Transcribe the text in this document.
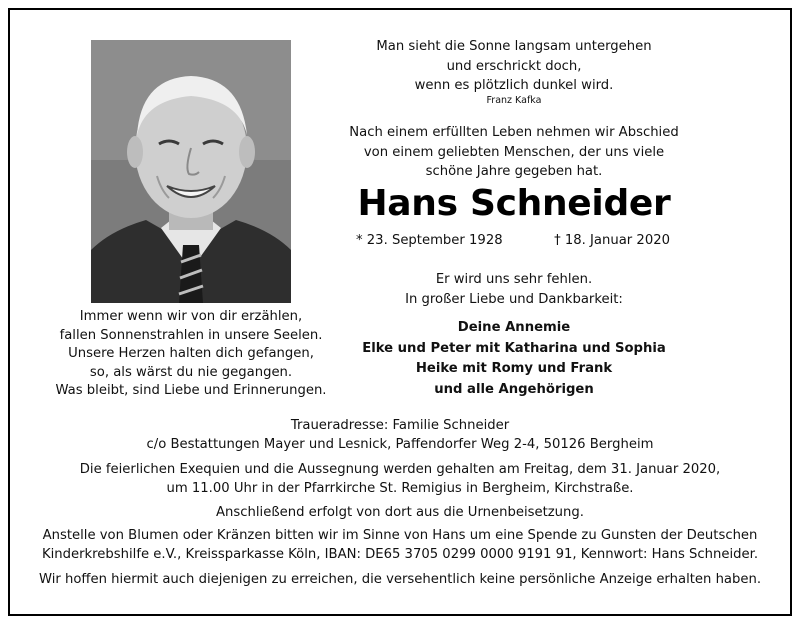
Man sieht die Sonne langsam untergehen
und erschrickt doch,
wenn es plötzlich dunkel wird.
Franz Kafka
Nach einem erfüllten Leben nehmen wir Abschied
von einem geliebten Menschen, der uns viele
schöne Jahre gegeben hat.
Hans Schneider
* 23. September 1928	† 18. Januar 2020
Er wird uns sehr fehlen.
In großer Liebe und Dankbarkeit:
Deine Annemie
Elke und Peter mit Katharina und Sophia
Heike mit Romy und Frank
und alle Angehörigen
Immer wenn wir von dir erzählen,
fallen Sonnenstrahlen in unsere Seelen.
Unsere Herzen halten dich gefangen,
so, als wärst du nie gegangen.
Was bleibt, sind Liebe und Erinnerungen.
Traueradresse: Familie Schneider
c/o Bestattungen Mayer und Lesnick, Paffendorfer Weg 2-4, 50126 Bergheim
Die feierlichen Exequien und die Aussegnung werden gehalten am Freitag, dem 31. Januar 2020,
um 11.00 Uhr in der Pfarrkirche St. Remigius in Bergheim, Kirchstraße.
Anschließend erfolgt von dort aus die Urnenbeisetzung.
Anstelle von Blumen oder Kränzen bitten wir im Sinne von Hans um eine Spende zu Gunsten der Deutschen
Kinderkrebshilfe e.V., Kreissparkasse Köln, IBAN: DE65 3705 0299 0000 9191 91, Kennwort: Hans Schneider.
Wir hoffen hiermit auch diejenigen zu erreichen, die versehentlich keine persönliche Anzeige erhalten haben.
